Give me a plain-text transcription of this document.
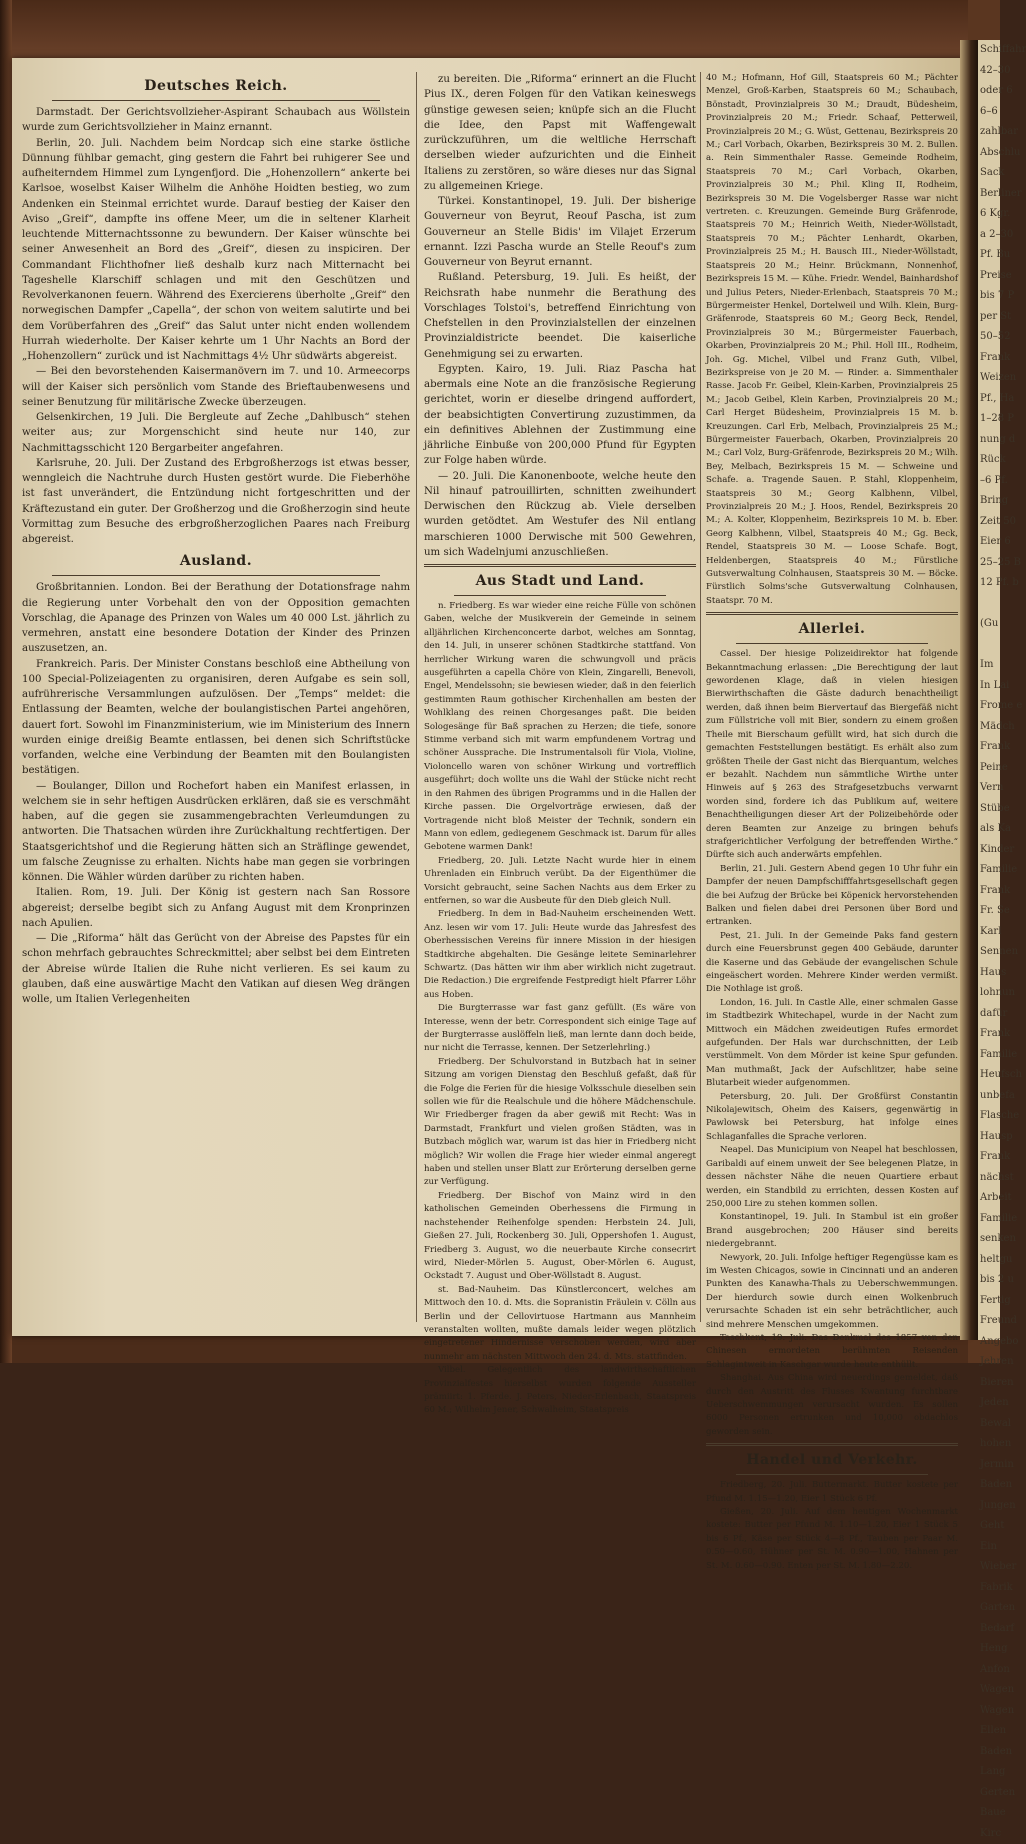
Deutsches Reich.

Darmstadt. Der Gerichtsvollzieher-Aspirant Schaubach aus Wöllstein wurde zum Gerichtsvollzieher in Mainz ernannt.

Berlin, 20. Juli. Nachdem beim Nordcap sich eine starke östliche Dünnung fühlbar gemacht, ging gestern die Fahrt bei ruhigerer See und aufheiterndem Himmel zum Lyngenfjord. Die „Hohenzollern“ ankerte bei Karlsoe, woselbst Kaiser Wilhelm die Anhöhe Hoidten bestieg, wo zum Andenken ein Steinmal errichtet wurde. Darauf bestieg der Kaiser den Aviso „Greif“, dampfte ins offene Meer, um die in seltener Klarheit leuchtende Mitternachtssonne zu bewundern. Der Kaiser wünschte bei seiner Anwesenheit an Bord des „Greif“, diesen zu inspiciren. Der Commandant Flichthofner ließ deshalb kurz nach Mitternacht bei Tageshelle Klarschiff schlagen und mit den Geschützen und Revolverkanonen feuern. Während des Exercierens überholte „Greif“ den norwegischen Dampfer „Capella“, der schon von weitem salutirte und bei dem Vorüberfahren des „Greif“ das Salut unter nicht enden wollendem Hurrah wiederholte. Der Kaiser kehrte um 1 Uhr Nachts an Bord der „Hohenzollern“ zurück und ist Nachmittags 4½ Uhr südwärts abgereist.

— Bei den bevorstehenden Kaisermanövern im 7. und 10. Armeecorps will der Kaiser sich persönlich vom Stande des Brieftaubenwesens und seiner Benutzung für militärische Zwecke überzeugen.

Gelsenkirchen, 19 Juli. Die Bergleute auf Zeche „Dahlbusch“ stehen weiter aus; zur Morgenschicht sind heute nur 140, zur Nachmittagsschicht 120 Bergarbeiter angefahren.

Karlsruhe, 20. Juli. Der Zustand des Erbgroßherzogs ist etwas besser, wenngleich die Nachtruhe durch Husten gestört wurde. Die Fieberhöhe ist fast unverändert, die Entzündung nicht fortgeschritten und der Kräftezustand ein guter. Der Großherzog und die Großherzogin sind heute Vormittag zum Besuche des erbgroßherzoglichen Paares nach Freiburg abgereist.

Ausland.

Großbritannien. London. Bei der Berathung der Dotationsfrage nahm die Regierung unter Vorbehalt den von der Opposition gemachten Vorschlag, die Apanage des Prinzen von Wales um 40 000 Lst. jährlich zu vermehren, anstatt eine besondere Dotation der Kinder des Prinzen auszusetzen, an.

Frankreich. Paris. Der Minister Constans beschloß eine Abtheilung von 100 Special-Polizeiagenten zu organisiren, deren Aufgabe es sein soll, aufrührerische Versammlungen aufzulösen. Der „Temps“ meldet: die Entlassung der Beamten, welche der boulangistischen Partei angehören, dauert fort. Sowohl im Finanzministerium, wie im Ministerium des Innern wurden einige dreißig Beamte entlassen, bei denen sich Schriftstücke vorfanden, welche eine Verbindung der Beamten mit den Boulangisten bestätigen.

— Boulanger, Dillon und Rochefort haben ein Manifest erlassen, in welchem sie in sehr heftigen Ausdrücken erklären, daß sie es verschmäht haben, auf die gegen sie zusammengebrachten Verleumdungen zu antworten. Die Thatsachen würden ihre Zurückhaltung rechtfertigen. Der Staatsgerichtshof und die Regierung hätten sich an Sträflinge gewendet, um falsche Zeugnisse zu erhalten. Nichts habe man gegen sie vorbringen können. Die Wähler würden darüber zu richten haben.

Italien. Rom, 19. Juli. Der König ist gestern nach San Rossore abgereist; derselbe begibt sich zu Anfang August mit dem Kronprinzen nach Apulien.

— Die „Riforma“ hält das Gerücht von der Abreise des Papstes für ein schon mehrfach gebrauchtes Schreckmittel; aber selbst bei dem Eintreten der Abreise würde Italien die Ruhe nicht verlieren. Es sei kaum zu glauben, daß eine auswärtige Macht den Vatikan auf diesen Weg drängen wolle, um Italien Verlegenheiten

zu bereiten. Die „Riforma“ erinnert an die Flucht Pius IX., deren Folgen für den Vatikan keineswegs günstige gewesen seien; knüpfe sich an die Flucht die Idee, den Papst mit Waffengewalt zurückzuführen, um die weltliche Herrschaft derselben wieder aufzurichten und die Einheit Italiens zu zerstören, so wäre dieses nur das Signal zu allgemeinen Kriege.

Türkei. Konstantinopel, 19. Juli. Der bisherige Gouverneur von Beyrut, Reouf Pascha, ist zum Gouverneur an Stelle Bidis' im Vilajet Erzerum ernannt. Izzi Pascha wurde an Stelle Reouf's zum Gouverneur von Beyrut ernannt.

Rußland. Petersburg, 19. Juli. Es heißt, der Reichsrath habe nunmehr die Berathung des Vorschlages Tolstoi's, betreffend Einrichtung von Chefstellen in den Provinzialstellen der einzelnen Provinzialdistricte beendet. Die kaiserliche Genehmigung sei zu erwarten.

Egypten. Kairo, 19. Juli. Riaz Pascha hat abermals eine Note an die französische Regierung gerichtet, worin er dieselbe dringend auffordert, der beabsichtigten Convertirung zuzustimmen, da ein definitives Ablehnen der Zustimmung eine jährliche Einbuße von 200,000 Pfund für Egypten zur Folge haben würde.

— 20. Juli. Die Kanonenboote, welche heute den Nil hinauf patrouillirten, schnitten zweihundert Derwischen den Rückzug ab. Viele derselben wurden getödtet. Am Westufer des Nil entlang marschieren 1000 Derwische mit 500 Gewehren, um sich Wadelnjumi anzuschließen.

Aus Stadt und Land.

n. Friedberg. Es war wieder eine reiche Fülle von schönen Gaben, welche der Musikverein der Gemeinde in seinem alljährlichen Kirchenconcerte darbot, welches am Sonntag, den 14. Juli, in unserer schönen Stadtkirche stattfand. Von herrlicher Wirkung waren die schwungvoll und präcis ausgeführten a capella Chöre von Klein, Zingarelli, Benevoli, Engel, Mendelssohn; sie bewiesen wieder, daß in den feierlich gestimmten Raum gothischer Kirchenhallen am besten der Wohlklang des reinen Chorgesanges paßt. Die beiden Sologesänge für Baß sprachen zu Herzen; die tiefe, sonore Stimme verband sich mit warm empfundenem Vortrag und schöner Aussprache. Die Instrumentalsoli für Viola, Violine, Violoncello waren von schöner Wirkung und vortrefflich ausgeführt; doch wollte uns die Wahl der Stücke nicht recht in den Rahmen des übrigen Programms und in die Hallen der Kirche passen. Die Orgelvorträge erwiesen, daß der Vortragende nicht bloß Meister der Technik, sondern ein Mann von edlem, gediegenem Geschmack ist. Darum für alles Gebotene warmen Dank!

Friedberg, 20. Juli. Letzte Nacht wurde hier in einem Uhrenladen ein Einbruch verübt. Da der Eigenthümer die Vorsicht gebraucht, seine Sachen Nachts aus dem Erker zu entfernen, so war die Ausbeute für den Dieb gleich Null.

Friedberg. In dem in Bad-Nauheim erscheinenden Wett. Anz. lesen wir vom 17. Juli: Heute wurde das Jahresfest des Oberhessischen Vereins für innere Mission in der hiesigen Stadtkirche abgehalten. Die Gesänge leitete Seminarlehrer Schwartz. (Das hätten wir ihm aber wirklich nicht zugetraut. Die Redaction.) Die ergreifende Festpredigt hielt Pfarrer Löhr aus Hoben.

Die Burgterrasse war fast ganz gefüllt. (Es wäre von Interesse, wenn der betr. Correspondent sich einige Tage auf der Burgterrasse auslöffeln ließ, man lernte dann doch beide, nur nicht die Terrasse, kennen. Der Setzerlehrling.)

Friedberg. Der Schulvorstand in Butzbach hat in seiner Sitzung am vorigen Dienstag den Beschluß gefaßt, daß für die Folge die Ferien für die hiesige Volksschule dieselben sein sollen wie für die Realschule und die höhere Mädchenschule. Wir Friedberger fragen da aber gewiß mit Recht: Was in Darmstadt, Frankfurt und vielen großen Städten, was in Butzbach möglich war, warum ist das hier in Friedberg nicht möglich? Wir wollen die Frage hier wieder einmal angeregt haben und stellen unser Blatt zur Erörterung derselben gerne zur Verfügung.

Friedberg. Der Bischof von Mainz wird in den katholischen Gemeinden Oberhessens die Firmung in nachstehender Reihenfolge spenden: Herbstein 24. Juli, Gießen 27. Juli, Rockenberg 30. Juli, Oppershofen 1. August, Friedberg 3. August, wo die neuerbaute Kirche consecrirt wird, Nieder-Mörlen 5. August, Ober-Mörlen 6. August, Ockstadt 7. August und Ober-Wöllstadt 8. August.

st. Bad-Nauheim. Das Künstlerconcert, welches am Mittwoch den 10. d. Mts. die Sopranistin Fräulein v. Cölln aus Berlin und der Cellovirtuose Hartmann aus Mannheim veranstalten wollten, mußte damals leider wegen plötzlich eingetretener Hindernisse verschoben werden, wird aber nunmehr am nächsten Mittwoch den 24. d. Mts. stattfinden.

Vilbel. Gelegentlich des landwirthschaftlichen Provinzialfestes hierselbst wurden folgende Aussteller prämiirt: 1. Pferde. J. Peters, Nieder-Erlenbach, Staatspreis 60 M.; Wilhelm Jener, Schwalheim, Staatspreis

40 M.; Hofmann, Hof Gill, Staatspreis 60 M.; Pächter Menzel, Groß-Karben, Staatspreis 60 M.; Schaubach, Bönstadt, Provinzialpreis 30 M.; Draudt, Büdesheim, Provinzialpreis 20 M.; Friedr. Schaaf, Petterweil, Provinzialpreis 20 M.; G. Wüst, Gettenau, Bezirkspreis 20 M.; Carl Vorbach, Okarben, Bezirkspreis 30 M. 2. Bullen. a. Rein Simmenthaler Rasse. Gemeinde Rodheim, Staatspreis 70 M.; Carl Vorbach, Okarben, Provinzialpreis 30 M.; Phil. Kling II, Rodheim, Bezirkspreis 30 M. Die Vogelsberger Rasse war nicht vertreten. c. Kreuzungen. Gemeinde Burg Gräfenrode, Staatspreis 70 M.; Heinrich Weith, Nieder-Wöllstadt, Staatspreis 70 M.; Pächter Lenhardt, Okarben, Provinzialpreis 25 M.; H. Bausch III., Nieder-Wöllstadt, Staatspreis 20 M.; Heinr. Brückmann, Nonnenhof, Bezirkspreis 15 M. — Kühe. Friedr. Wendel, Bainhardshof und Julius Peters, Nieder-Erlenbach, Staatspreis 70 M.; Bürgermeister Henkel, Dortelweil und Wilh. Klein, Burg-Gräfenrode, Staatspreis 60 M.; Georg Beck, Rendel, Provinzialpreis 30 M.; Bürgermeister Fauerbach, Okarben, Provinzialpreis 20 M.; Phil. Holl III., Rodheim, Joh. Gg. Michel, Vilbel und Franz Guth, Vilbel, Bezirkspreise von je 20 M. — Rinder. a. Simmenthaler Rasse. Jacob Fr. Geibel, Klein-Karben, Provinzialpreis 25 M.; Jacob Geibel, Klein Karben, Provinzialpreis 20 M.; Carl Herget Büdesheim, Provinzialpreis 15 M. b. Kreuzungen. Carl Erb, Melbach, Provinzialpreis 25 M.; Bürgermeister Fauerbach, Okarben, Provinzialpreis 20 M.; Carl Volz, Burg-Gräfenrode, Bezirkspreis 20 M.; Wilh. Bey, Melbach, Bezirkspreis 15 M. — Schweine und Schafe. a. Tragende Sauen. P. Stahl, Kloppenheim, Staatspreis 30 M.; Georg Kalbhenn, Vilbel, Provinzialpreis 20 M.; J. Hoos, Rendel, Bezirkspreis 20 M.; A. Kolter, Kloppenheim, Bezirkspreis 10 M. b. Eber. Georg Kalbhenn, Vilbel, Staatspreis 40 M.; Gg. Beck, Rendel, Staatspreis 30 M. — Loose Schafe. Bogt, Heldenbergen, Staatspreis 40 M.; Fürstliche Gutsverwaltung Colnhausen, Staatspreis 30 M. — Böcke. Fürstlich Solms'sche Gutsverwaltung Colnhausen, Staatspr. 70 M.

Allerlei.

Cassel. Der hiesige Polizeidirektor hat folgende Bekanntmachung erlassen: „Die Berechtigung der laut gewordenen Klage, daß in vielen hiesigen Bierwirthschaften die Gäste dadurch benachtheiligt werden, daß ihnen beim Biervertauf das Biergefäß nicht zum Füllstriche voll mit Bier, sondern zu einem großen Theile mit Bierschaum gefüllt wird, hat sich durch die gemachten Feststellungen bestätigt. Es erhält also zum größten Theile der Gast nicht das Bierquantum, welches er bezahlt. Nachdem nun sämmtliche Wirthe unter Hinweis auf § 263 des Strafgesetzbuchs verwarnt worden sind, fordere ich das Publikum auf, weitere Benachtheiligungen dieser Art der Polizeibehörde oder deren Beamten zur Anzeige zu bringen behufs strafgerichtlicher Verfolgung der betreffenden Wirthe.“ Dürfte sich auch anderwärts empfehlen.

Berlin, 21. Juli. Gestern Abend gegen 10 Uhr fuhr ein Dampfer der neuen Dampfschifffahrtsgesellschaft gegen die bei Aufzug der Brücke bei Köpenick hervorstehenden Balken und fielen dabei drei Personen über Bord und ertranken.

Pest, 21. Juli. In der Gemeinde Paks fand gestern durch eine Feuersbrunst gegen 400 Gebäude, darunter die Kaserne und das Gebäude der evangelischen Schule eingeäschert worden. Mehrere Kinder werden vermißt. Die Nothlage ist groß.

London, 16. Juli. In Castle Alle, einer schmalen Gasse im Stadtbezirk Whitechapel, wurde in der Nacht zum Mittwoch ein Mädchen zweideutigen Rufes ermordet aufgefunden. Der Hals war durchschnitten, der Leib verstümmelt. Von dem Mörder ist keine Spur gefunden. Man muthmaßt, Jack der Aufschlitzer, habe seine Blutarbeit wieder aufgenommen.

Petersburg, 20. Juli. Der Großfürst Constantin Nikolajewitsch, Oheim des Kaisers, gegenwärtig in Pawlowsk bei Petersburg, hat infolge eines Schlaganfalles die Sprache verloren.

Neapel. Das Municipium von Neapel hat beschlossen, Garibaldi auf einem unweit der See belegenen Platze, in dessen nächster Nähe die neuen Quartiere erbaut werden, ein Standbild zu errichten, dessen Kosten auf 250,000 Lire zu stehen kommen sollen.

Konstantinopel, 19. Juli. In Stambul ist ein großer Brand ausgebrochen; 200 Häuser sind bereits niedergebrannt.

Newyork, 20. Juli. Infolge heftiger Regengüsse kam es im Westen Chicagos, sowie in Cincinnati und an anderen Punkten des Kanawha-Thals zu Ueberschwemmungen. Der hierdurch sowie durch einen Wolkenbruch verursachte Schaden ist ein sehr beträchtlicher, auch sind mehrere Menschen umgekommen.

Taschkent, 19. Juli. Das Denkmal des 1857 von den Chinesen ermordeten berühmten Reisenden Schlagintweit in Kaschgar wurde heute enthüllt.

Shanghai. Aus China wird neuerdings gemeldet, daß durch den Austritt des Flusses Kwantung furchtbare Ueberschwemmungen verursacht wurden. Es sollen 6000 Personen ertrunken und 10,000 obdachlos geworden sein.

Handel und Verkehr.

Friedberg, 20. Juli. Buttermarkt. Butter kostete per Pfund M. 1.15—1.20, Eier 1 Stück 6 Pf.

Gießen, 20. Juli. Auf dem heutigen Wochenmarkt kostete: Butter per Pfund M. 1.10—1.20, Eier 1 Stück 5 bis 6 Pf., Käse per Stück 4—8 Pf., Tauben per Paar M. 0.50—0.60, Hühner per St. M. 0.90—1.00, Hahnen per St. M. 0.60—0.90. Enten per St. M. 1.80—2.20.

Schiffahr
42–30
oder 6
6–6
zahlbar
Abschlu
Sack
Berliner
6 Kgr.
a 2–30
Pf. Bu
Preise
bis 7 P
per St
50–52
Frank
Weizen
Pf., Ha
1–28 P
nung d
Rück
–6 Pf.
Bring
Zeit 50
Eier 6
25–25 B
12 Pf. b

(Gu

Im
In Lai
Frome e
Mädch
Frank
Peine
Vern
Stübe
als Ka
Kinder
Familie
Frank
Fr. Se
Karl
Sennen
Haus
lohnun
dafür
Frank
Familie
Heufsch
unbefa
Flasche
Hausp
Frank
nächst
Arbeit
Familie
senken
heltgu
bis 2 u
Fertig
Freund
Angebo
Jehren
Bieren
Jeden
Bewal
hohen
Jermin
Baden
Jungen
Geht
Ein
Wieber
Fabrik
Garten
Bedarf
Heng
Anfon
Wagen
Wagen
Ellen
Baden
Lang
Gerten
Baue
Kirc
